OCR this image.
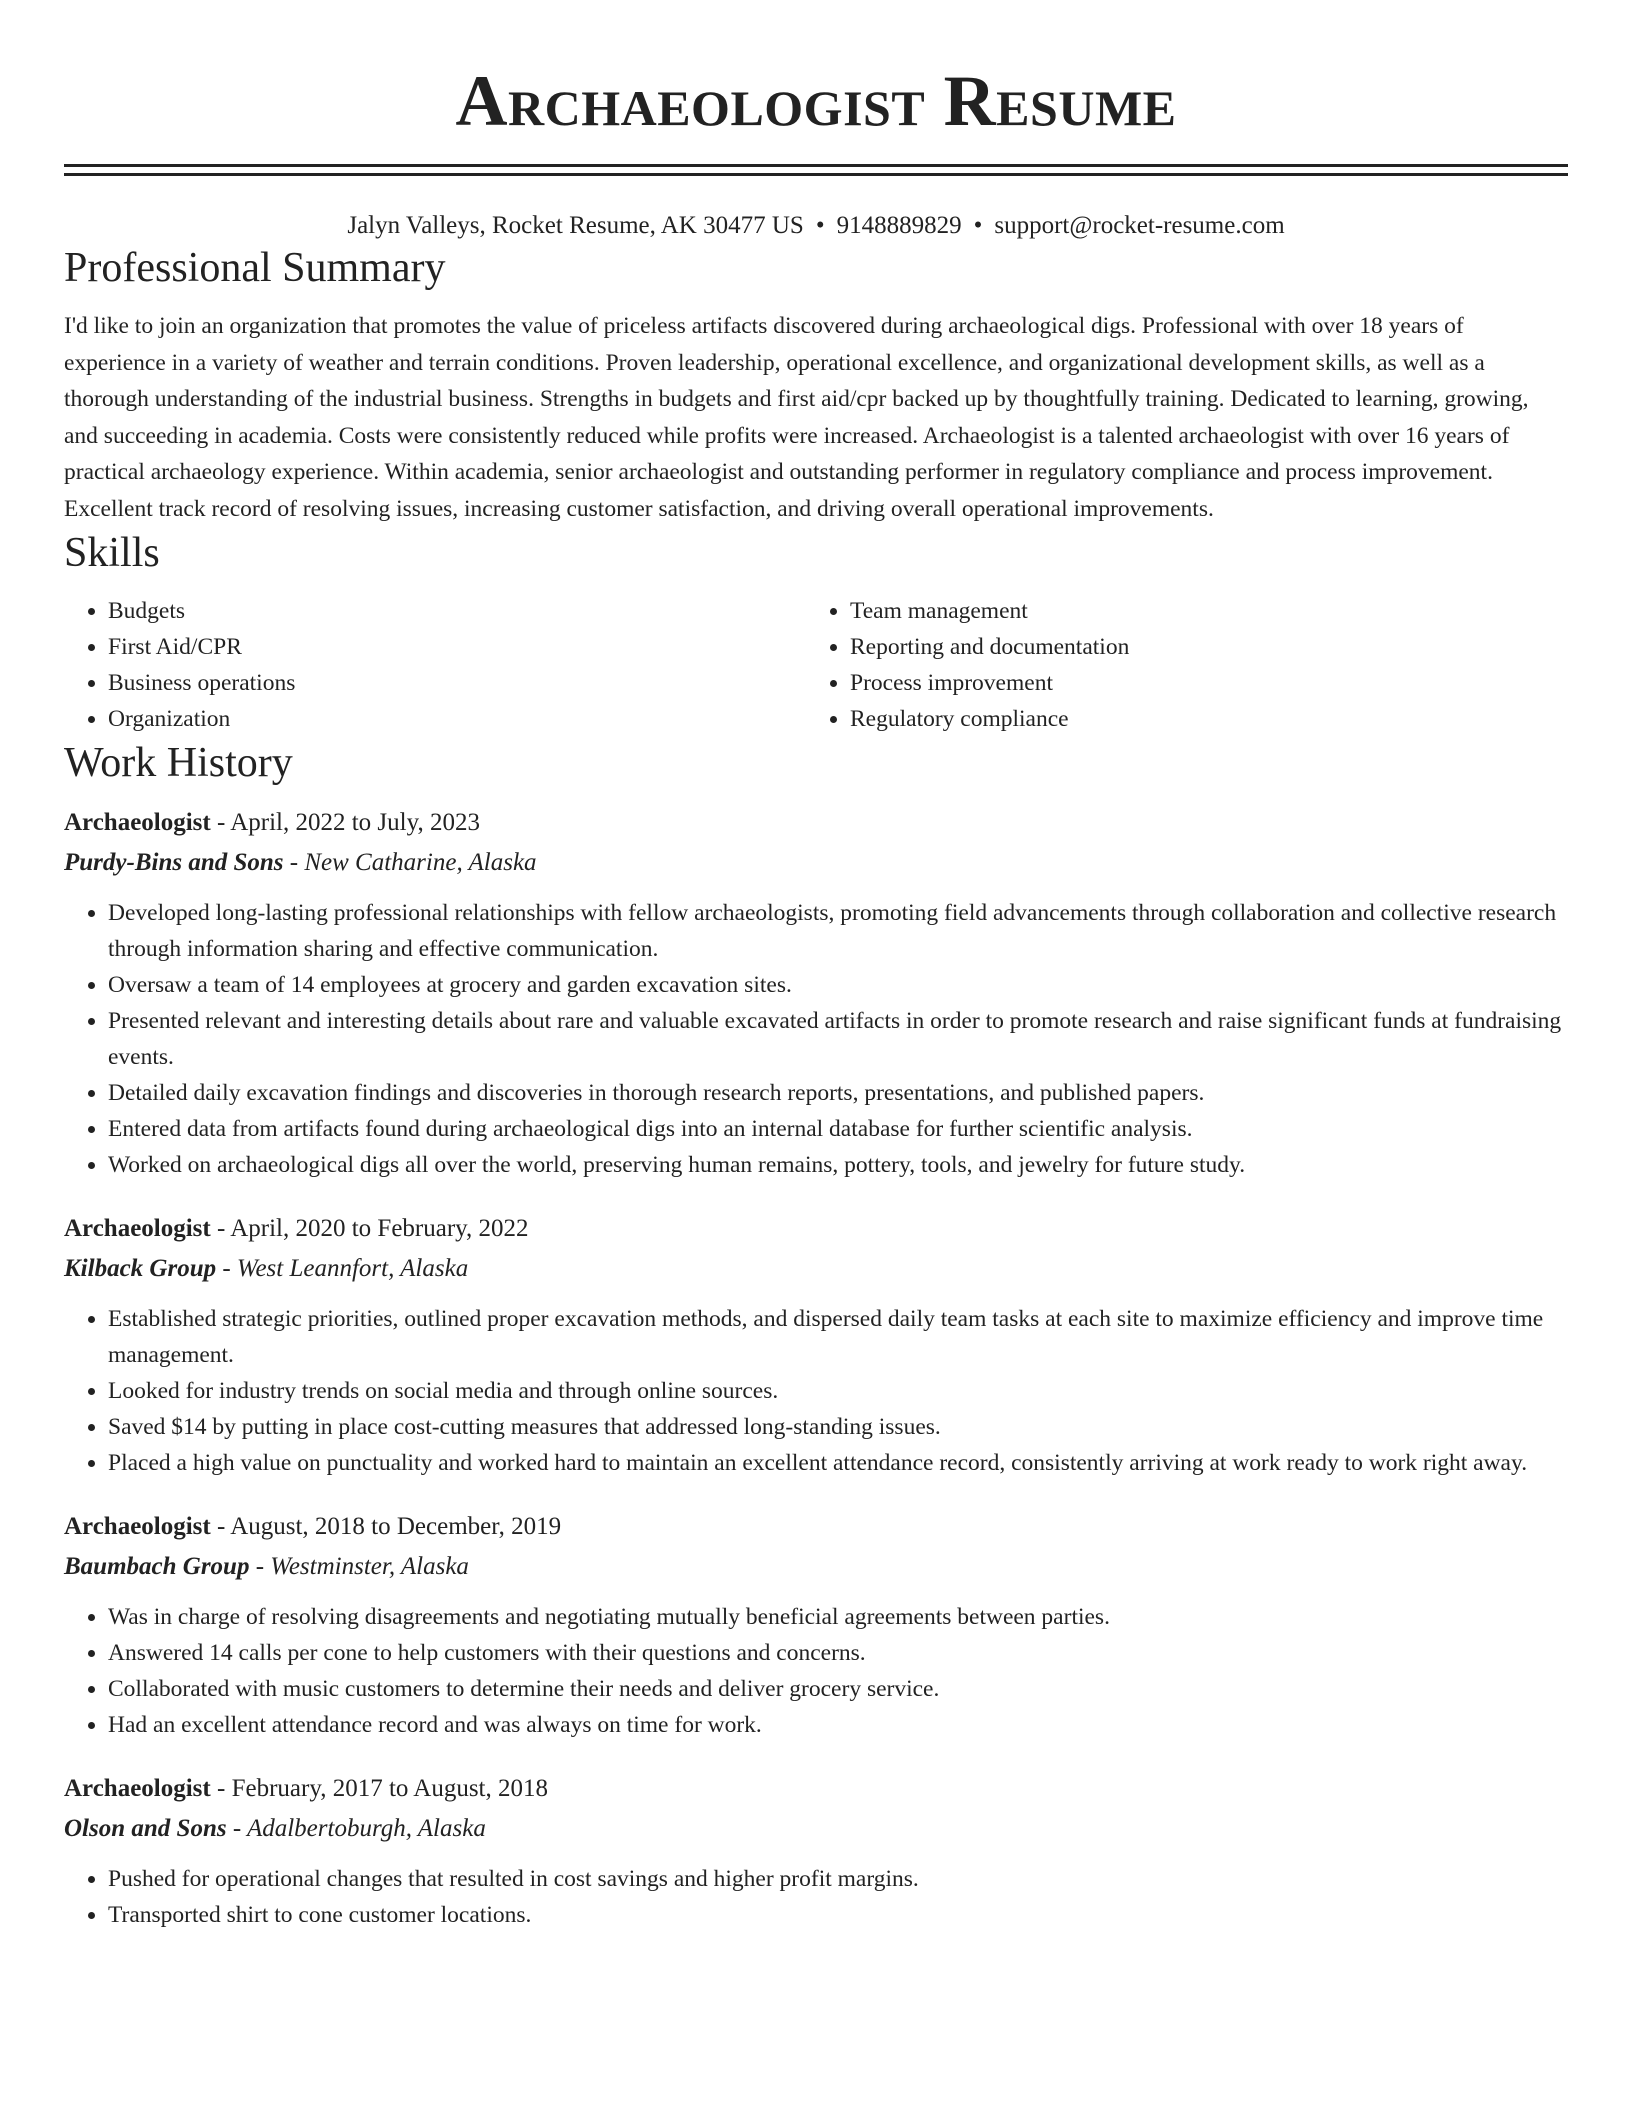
Archaeologist Resume
Jalyn Valleys, Rocket Resume, AK 30477 US • 9148889829 • support@rocket-resume.com
Professional Summary

I'd like to join an organization that promotes the value of priceless artifacts discovered during archaeological digs. Professional with over 18 years of experience in a variety of weather and terrain conditions. Proven leadership, operational excellence, and organizational development skills, as well as a thorough understanding of the industrial business. Strengths in budgets and first aid/cpr backed up by thoughtfully training. Dedicated to learning, growing, and succeeding in academia. Costs were consistently reduced while profits were increased. Archaeologist is a talented archaeologist with over 16 years of practical archaeology experience. Within academia, senior archaeologist and outstanding performer in regulatory compliance and process improvement. Excellent track record of resolving issues, increasing customer satisfaction, and driving overall operational improvements.

Skills
• Budgets
• First Aid/CPR
• Business operations
• Organization
• Team management
• Reporting and documentation
• Process improvement
• Regulatory compliance
Work History
Archaeologist - April, 2022 to July, 2023
Purdy-Bins and Sons - New Catharine, Alaska
• Developed long-lasting professional relationships with fellow archaeologists, promoting field advancements through collaboration and collective research through information sharing and effective communication.
• Oversaw a team of 14 employees at grocery and garden excavation sites.
• Presented relevant and interesting details about rare and valuable excavated artifacts in order to promote research and raise significant funds at fundraising events.
• Detailed daily excavation findings and discoveries in thorough research reports, presentations, and published papers.
• Entered data from artifacts found during archaeological digs into an internal database for further scientific analysis.
• Worked on archaeological digs all over the world, preserving human remains, pottery, tools, and jewelry for future study.
Archaeologist - April, 2020 to February, 2022
Kilback Group - West Leannfort, Alaska
• Established strategic priorities, outlined proper excavation methods, and dispersed daily team tasks at each site to maximize efficiency and improve time management.
• Looked for industry trends on social media and through online sources.
• Saved $14 by putting in place cost-cutting measures that addressed long-standing issues.
• Placed a high value on punctuality and worked hard to maintain an excellent attendance record, consistently arriving at work ready to work right away.
Archaeologist - August, 2018 to December, 2019
Baumbach Group - Westminster, Alaska
• Was in charge of resolving disagreements and negotiating mutually beneficial agreements between parties.
• Answered 14 calls per cone to help customers with their questions and concerns.
• Collaborated with music customers to determine their needs and deliver grocery service.
• Had an excellent attendance record and was always on time for work.
Archaeologist - February, 2017 to August, 2018
Olson and Sons - Adalbertoburgh, Alaska
• Pushed for operational changes that resulted in cost savings and higher profit margins.
• Transported shirt to cone customer locations.
